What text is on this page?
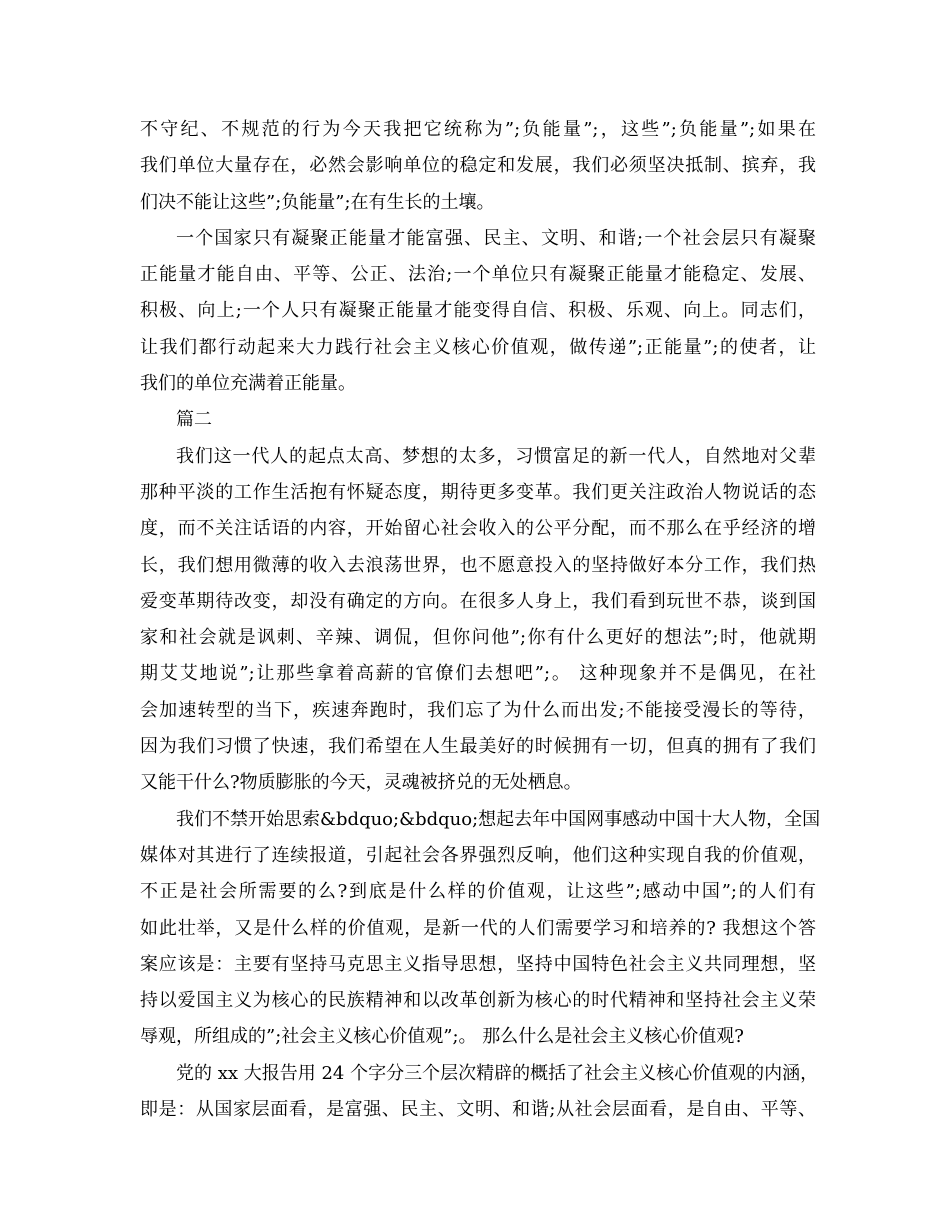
不守纪、不规范的行为今天我把它统称为”;负能量”;，这些”;负能量”;如果在
我们单位大量存在，必然会影响单位的稳定和发展，我们必须坚决抵制、摈弃，我
们决不能让这些”;负能量”;在有生长的土壤。
一个国家只有凝聚正能量才能富强、民主、文明、和谐;一个社会层只有凝聚
正能量才能自由、平等、公正、法治;一个单位只有凝聚正能量才能稳定、发展、
积极、向上;一个人只有凝聚正能量才能变得自信、积极、乐观、向上。同志们，
让我们都行动起来大力践行社会主义核心价值观，做传递”;正能量”;的使者，让
我们的单位充满着正能量。
篇二
我们这一代人的起点太高、梦想的太多，习惯富足的新一代人，自然地对父辈
那种平淡的工作生活抱有怀疑态度，期待更多变革。我们更关注政治人物说话的态
度，而不关注话语的内容，开始留心社会收入的公平分配，而不那么在乎经济的增
长，我们想用微薄的收入去浪荡世界，也不愿意投入的坚持做好本分工作，我们热
爱变革期待改变，却没有确定的方向。在很多人身上，我们看到玩世不恭，谈到国
家和社会就是讽刺、辛辣、调侃，但你问他”;你有什么更好的想法”;时，他就期
期艾艾地说”;让那些拿着高薪的官僚们去想吧”;。 这种现象并不是偶见，在社
会加速转型的当下，疾速奔跑时，我们忘了为什么而出发;不能接受漫长的等待，
因为我们习惯了快速，我们希望在人生最美好的时候拥有一切，但真的拥有了我们
又能干什么?物质膨胀的今天，灵魂被挤兑的无处栖息。
我们不禁开始思索&bdquo;&bdquo;想起去年中国网事感动中国十大人物，全国
媒体对其进行了连续报道，引起社会各界强烈反响，他们这种实现自我的价值观，
不正是社会所需要的么?到底是什么样的价值观，让这些”;感动中国”;的人们有
如此壮举，又是什么样的价值观，是新一代的人们需要学习和培养的? 我想这个答
案应该是：主要有坚持马克思主义指导思想，坚持中国特色社会主义共同理想，坚
持以爱国主义为核心的民族精神和以改革创新为核心的时代精神和坚持社会主义荣
辱观，所组成的”;社会主义核心价值观”;。 那么什么是社会主义核心价值观?
党的 xx 大报告用 24 个字分三个层次精辟的概括了社会主义核心价值观的内涵，
即是：从国家层面看，是富强、民主、文明、和谐;从社会层面看，是自由、平等、
